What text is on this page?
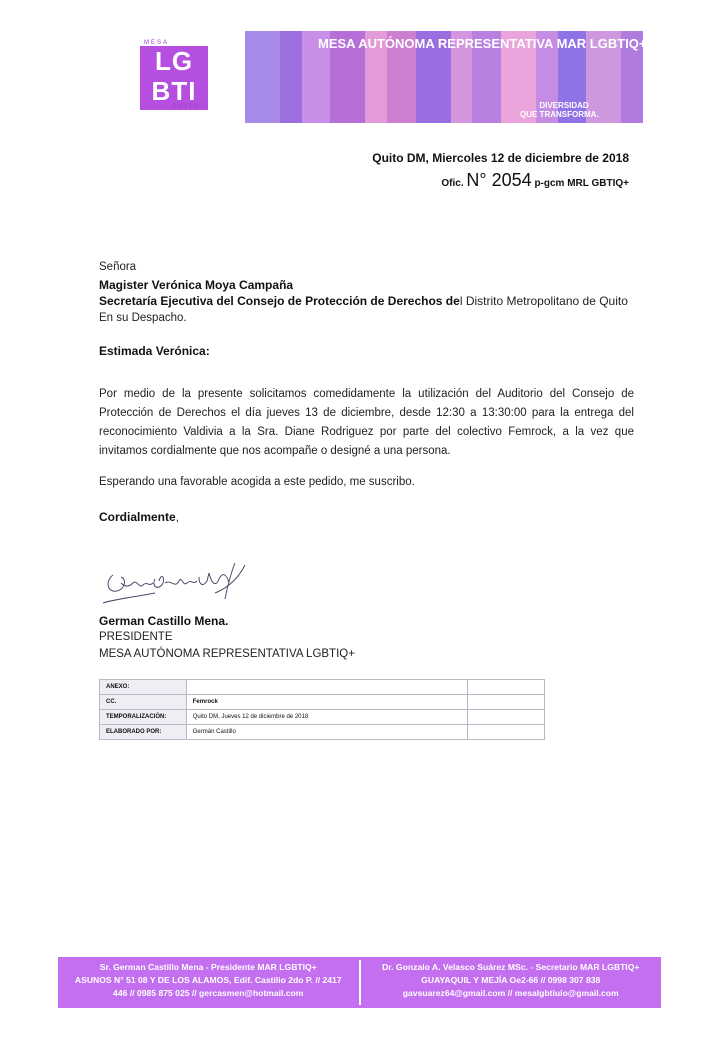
MESA
LG
BTI
QUITO
MESA AUTÓNOMA REPRESENTATIVA MAR LGBTIQ+
DIVERSIDAD
QUE TRANSFORMA.
Quito DM, Miercoles 12 de diciembre de 2018
Ofic. N° 2054 p-gcm MRL GBTIQ+
Señora
Magister Verónica Moya Campaña
Secretaría Ejecutiva del Consejo de Protección de Derechos del Distrito Metropolitano de Quito
En su Despacho.
Estimada Verónica:
Por medio de la presente solicitamos comedidamente la utilización del Auditorio del Consejo de Protección de Derechos el día jueves 13 de diciembre, desde 12:30 a 13:30:00 para la entrega del reconocimiento Valdivia a la Sra. Diane Rodriguez por parte del colectivo Femrock, a la vez que invitamos cordialmente que nos acompañe o designé a una persona.
Esperando una favorable acogida a este pedido, me suscribo.
Cordialmente,
German Castillo Mena.
PRESIDENTE
MESA AUTÓNOMA REPRESENTATIVA LGBTIQ+
ANEXO:		
CC.	Femrock	
TEMPORALIZACIÓN:	Quito DM, Jueves 12 de diciembre de 2018	
ELABORADO POR:	Germán Castillo	
Sr. German Castillo Mena - Presidente MAR LGBTIQ+
ASUNOS N° 51 08 Y DE LOS ALAMOS, Edif. Castilio 2do P. // 2417
446 // 0985 875 025 // gercasmen@hotmail.com
Dr. Gonzalo A. Velasco Suárez MSc. - Secretario MAR LGBTIQ+
GUAYAQUIL Y MEJÍA Oe2-66 // 0998 307 838
gavsuarez64@gmail.com // mesalgbtiuio@gmail.com
